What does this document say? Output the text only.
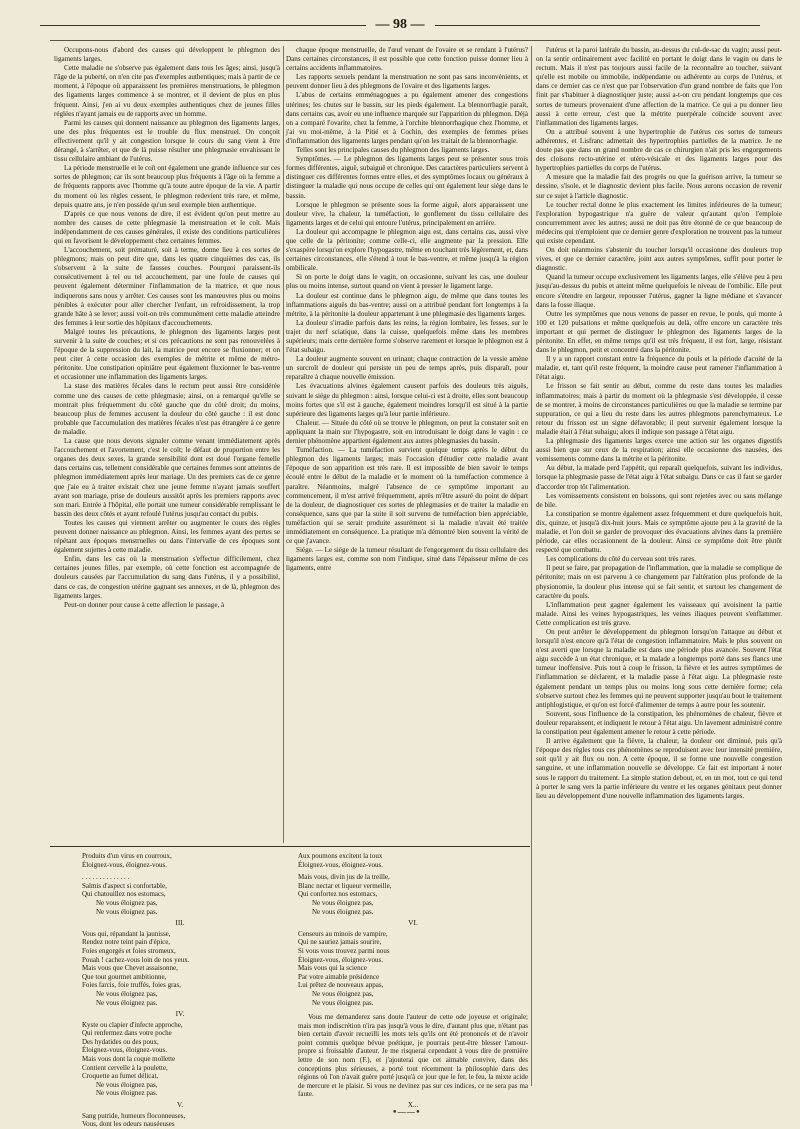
— 98 —

Occupons-nous d'abord des causes qui développent le phlegmon des ligaments larges.

Cette maladie ne s'observe pas également dans tous les âges; ainsi, jusqu'à l'âge de la puberté, on n'en cite pas d'exemples authentiques; mais à partir de ce moment, à l'époque où apparaissent les premières menstruations, le phlegmon des ligaments larges commence à se montrer, et il devient de plus en plus fréquent. Ainsi, j'en ai vu deux exemples authentiques chez de jeunes filles réglées n'ayant jamais eu de rapports avec un homme.

Parmi les causes qui donnent naissance au phlegmon des ligaments larges, une des plus fréquentes est le trouble du flux menstruel. On conçoit effectivement qu'il y ait congestion lorsque le cours du sang vient à être dérangé, à s'arrêter, et que de là puisse résulter une phlegmasie envahissant le tissu cellulaire ambiant de l'utérus.

La période menstruelle et le coït ont également une grande influence sur ces sortes de phlegmon; car ils sont beaucoup plus fréquents à l'âge où la femme a de fréquents rapports avec l'homme qu'à toute autre époque de la vie. A partir du moment où les règles cessent, le phlegmon redevient très rare, et même, depuis quatre ans, je n'en possède qu'un seul exemple bien authentique.

D'après ce que nous venons de dire, il est évident qu'on peut mettre au nombre des causes de cette phlegmasie la menstruation et le coït. Mais indépendamment de ces causes générales, il existe des conditions particulières qui en favorisent le développement chez certaines femmes.

L'accouchement, soit prématuré, soit à terme, donne lieu à ces sortes de phlegmons; mais on peut dire que, dans les quatre cinquièmes des cas, ils s'observent à la suite de fausses couches. Pourquoi paraissent-ils consécutivement à tel ou tel accouchement, par une foule de causes qui peuvent également déterminer l'inflammation de la matrice, et que nous indiquerons sans nous y arrêter. Ces causes sont les manœuvres plus ou moins pénibles à exécuter pour aller chercher l'enfant, un refroidissement, la trop grande hâte à se lever; aussi voit-on très communément cette maladie atteindre des femmes à leur sortie des hôpitaux d'accouchements.

Malgré toutes les précautions, le phlegmon des ligaments larges peut survenir à la suite de couches; et si ces précautions ne sont pas renouvelées à l'époque de la suppression du lait, la matrice peut encore se fluxionner; et on peut citer à cette occasion des exemples de métrite et même de métro-péritonite. Une constipation opiniâtre peut également fluxionner le bas-ventre et occasionner une inflammation des ligaments larges.

La stase des matières fécales dans le rectum peut aussi être considérée comme une des causes de cette phlegmasie; ainsi, on a remarqué qu'elle se montrait plus fréquemment du côté gauche que du côté droit; du moins, beaucoup plus de femmes accusent la douleur du côté gauche : il est donc probable que l'accumulation des matières fécales n'est pas étrangère à ce genre de maladie.

La cause que nous devons signaler comme venant immédiatement après l'accouchement et l'avortement, c'est le coït; le défaut de proportion entre les organes des deux sexes, la grande sensibilité dont est doué l'organe femelle dans certains cas, tellement considérable que certaines femmes sont atteintes de phlegmon immédiatement après leur mariage. Un des premiers cas de ce genre que j'aie eu à traiter existait chez une jeune femme n'ayant jamais souffert avant son mariage, prise de douleurs aussitôt après les premiers rapports avec son mari. Entrée à l'hôpital, elle portait une tumeur considérable remplissant le bassin des deux côtés et ayant refoulé l'utérus jusqu'au contact du pubis.

Toutes les causes qui viennent arrêter ou augmenter le cours des règles peuvent donner naissance au phlegmon. Ainsi, les femmes ayant des pertes se répétant aux époques menstruelles ou dans l'intervalle de ces époques sont également sujettes à cette maladie.

Enfin, dans les cas où la menstruation s'effectue difficilement, chez certaines jeunes filles, par exemple, où cette fonction est accompagnée de douleurs causées par l'accumulation du sang dans l'utérus, il y a possibilité, dans ce cas, de congestion utérine gagnant ses annexes, et de là, phlegmon des ligaments larges.

Peut-on donner pour cause à cette affection le passage, à

chaque époque menstruelle, de l'œuf venant de l'ovaire et se rendant à l'utérus? Dans certaines circonstances, il est possible que cette fonction puisse donner lieu à certains accidents inflammatoires.

Les rapports sexuels pendant la menstruation ne sont pas sans inconvénients, et peuvent donner lieu à des phlegmons de l'ovaire et des ligaments larges.

L'abus de certains emménagogues a pu également amener des congestions utérines; les chutes sur le bassin, sur les pieds également. La blennorrhagie paraît, dans certains cas, avoir eu une influence marquée sur l'apparition du phlegmon. Déjà on a comparé l'ovarite, chez la femme, à l'orchite blennorrhagique chez l'homme, et j'ai vu moi-même, à la Pitié et à Cochin, des exemples de femmes prises d'inflammation des ligaments larges pendant qu'on les traitait de la blennorrhagie.

Telles sont les principales causes du phlegmon des ligaments larges.

Symptômes. — Le phlegmon des ligaments larges peut se présenter sous trois formes différentes, aiguë, subaiguë et chronique. Des caractères particuliers servent à distinguer ces différentes formes entre elles, et des symptômes locaux ou généraux à distinguer la maladie qui nous occupe de celles qui ont également leur siége dans le bassin.

Lorsque le phlegmon se présente sous la forme aiguë, alors apparaissent une douleur vive, la chaleur, la tuméfaction, le gonflement du tissu cellulaire des ligaments larges et de celui qui entoure l'utérus, principalement en arrière.

La douleur qui accompagne le phlegmon aigu est, dans certains cas, aussi vive que celle de la péritonite; comme celle-ci, elle augmente par la pression. Elle s'exaspère lorsqu'on explore l'hypogastre, même en touchant très légèrement, et, dans certaines circonstances, elle s'étend à tout le bas-ventre, et même jusqu'à la région ombilicale.

Si on porte le doigt dans le vagin, on occasionne, suivant les cas, une douleur plus ou moins intense, surtout quand on vient à presser le ligament large.

La douleur est continue dans le phlegmon aigu, de même que dans toutes les inflammations aiguës du bas-ventre; aussi on a attribué pendant fort longtemps à la métrite, à la péritonite la douleur appartenant à une phlegmasie des ligaments larges.

La douleur s'irradie parfois dans les reins, la région lombaire, les fesses, sur le trajet du nerf sciatique, dans la cuisse, quelquefois même dans les membres supérieurs; mais cette dernière forme s'observe rarement et lorsque le phlegmon est à l'état subaigu.

La douleur augmente souvent en urinant; chaque contraction de la vessie amène un surcroît de douleur qui persiste un peu de temps après, puis disparaît, pour reparaître à chaque nouvelle émission.

Les évacuations alvines également causent parfois des douleurs très aiguës, suivant le siége du phlegmon : ainsi, lorsque celui-ci est à droite, elles sont beaucoup moins fortes que s'il est à gauche, également moindres lorsqu'il est situé à la partie supérieure des ligaments larges qu'à leur partie inférieure.

Chaleur. — Située du côté où se trouve le phlegmon, on peut la constater soit en appliquant la main sur l'hypogastre, soit en introduisant le doigt dans le vagin : ce dernier phénomène appartient également aux autres phlegmasies du bassin.

Tuméfaction. — La tuméfaction survient quelque temps après le début du phlegmon des ligaments larges; mais l'occasion d'étudier cette maladie avant l'époque de son apparition est très rare. Il est impossible de bien savoir le temps écoulé entre le début de la maladie et le moment où la tuméfaction commence à paraître. Néanmoins, malgré l'absence de ce symptôme important au commencement, il m'est arrivé fréquemment, après m'être assuré du point de départ de la douleur, de diagnostiquer ces sortes de phlegmasies et de traiter la maladie en conséquence, sans que par la suite il soit survenu de tuméfaction bien appréciable, tuméfaction qui se serait produite assurément si la maladie n'avait été traitée immédiatement en conséquence. La pratique m'a démontré bien souvent la vérité de ce que j'avance.

Siége. — Le siége de la tumeur résultant de l'engorgement du tissu cellulaire des ligaments larges est, comme son nom l'indique, situé dans l'épaisseur même de ces ligaments, entre

l'utérus et la paroi latérale du bassin, au-dessus du cul-de-sac du vagin; aussi peut-on la sentir ordinairement avec facilité en portant le doigt dans le vagin ou dans le rectum. Mais il n'est pas toujours aussi facile de la reconnaître au toucher, suivant qu'elle est mobile ou immobile, indépendante ou adhérente au corps de l'utérus, et dans ce dernier cas ce n'est que par l'observation d'un grand nombre de faits que l'on finit par s'habituer à diagnostiquer juste; aussi a-t-on cru pendant longtemps que ces sortes de tumeurs provenaient d'une affection de la matrice. Ce qui a pu donner lieu aussi à cette erreur, c'est que la métrite puerpérale coïncide souvent avec l'inflammation des ligaments larges.

On a attribué souvent à une hypertrophie de l'utérus ces sortes de tumeurs adhérentes, et Lisfranc admettait des hypertrophies partielles de la matrice. Je ne doute pas que dans un grand nombre de cas ce chirurgien n'ait pris les engorgements des cloisons recto-utérine et utéro-vésicale et des ligaments larges pour des hypertrophies partielles du corps de l'utérus.

A mesure que la maladie fait des progrès ou que la guérison arrive, la tumeur se dessine, s'isole, et le diagnostic devient plus facile. Nous aurons occasion de revenir sur ce sujet à l'article diagnostic.

Le toucher rectal donne le plus exactement les limites inférieures de la tumeur; l'exploration hypogastrique n'a guère de valeur qu'autant qu'on l'emploie concurremment avec les autres; aussi ne doit pas être étonné de ce que beaucoup de médecins qui n'emploient que ce dernier genre d'exploration ne trouvent pas la tumeur qui existe cependant.

On doit néanmoins s'abstenir du toucher lorsqu'il occasionne des douleurs trop vives, et que ce dernier caractère, joint aux autres symptômes, suffit pour porter le diagnostic.

Quand la tumeur occupe exclusivement les ligaments larges, elle s'élève peu à peu jusqu'au-dessus du pubis et atteint même quelquefois le niveau de l'ombilic. Elle peut encore s'étendre en largeur, repousser l'utérus, gagner la ligne médiane et s'avancer dans la fosse iliaque.

Outre les symptômes que nous venons de passer en revue, le pouls, qui monte à 100 et 120 pulsations et même quelquefois au delà, offre encore un caractère très important et qui permet de distinguer le phlegmon des ligaments larges de la péritonite. En effet, en même temps qu'il est très fréquent, il est fort, large, résistant dans le phlegmon, petit et concentré dans la péritonite.

Il y a un rapport constant entre la fréquence du pouls et la période d'acuité de la maladie, et, tant qu'il reste fréquent, la moindre cause peut ramener l'inflammation à l'état aigu.

Le frisson se fait sentir au début, comme du reste dans toutes les maladies inflammatoires; mais à partir du moment où la phlegmasie s'est développée, il cesse de se montrer, à moins de circonstances particulières ou que la maladie se termine par suppuration, ce qui a lieu du reste dans les autres phlegmons parenchymateux. Le retour du frisson est un signe défavorable; il peut survenir également lorsque la maladie était à l'état subaigu; alors il indique son passage à l'état aigu.

La phlegmasie des ligaments larges exerce une action sur les organes digestifs aussi bien que sur ceux de la respiration; ainsi elle occasionne des nausées, des vomissements comme dans la métrite et la péritonite.

Au début, la malade perd l'appétit, qui reparaît quelquefois, suivant les individus, lorsque la phlegmasie passe de l'état aigu à l'état subaigu. Dans ce cas il faut se garder d'accorder trop tôt l'alimentation.

Les vomissements consistent en boissons, qui sont rejetées avec ou sans mélange de bile.

La constipation se montre également assez fréquemment et dure quelquefois huit, dix, quinze, et jusqu'à dix-huit jours. Mais ce symptôme ajoute peu à la gravité de la maladie, et l'on doit se garder de provoquer des évacuations alvines dans la première période, car elles occasionnent de la douleur. Ainsi ce symptôme doit être plutôt respecté que combattu.

Les complications du côté du cerveau sont très rares.

Il peut se faire, par propagation de l'inflammation, que la maladie se complique de péritonite; mais on est parvenu à ce changement par l'altération plus profonde de la physionomie, la douleur plus intense qui se fait sentir, et surtout les changement de caractère du pouls.

L'inflammation peut gagner également les vaisseaux qui avoisinent la partie malade. Ainsi les veines hypogastriques, les veines iliaques peuvent s'enflammer. Cette complication est très grave.

On peut arrêter le développement du phlegmon lorsqu'on l'attaque au début et lorsqu'il n'est encore qu'à l'état de congestion inflammatoire. Mais le plus souvent on n'est averti que lorsque la maladie est dans une période plus avancée. Souvent l'état aigu succède à un état chronique, et la malade a longtemps porté dans ses flancs une tumeur inoffensive. Puis tout à coup le frisson, la fièvre et les autres symptômes de l'inflammation se déclarent, et la maladie passe à l'état aigu. La phlegmasie reste également pendant un temps plus ou moins long sous cette dernière forme; cela s'observe surtout chez les femmes qui ne peuvent supporter jusqu'au bout le traitement antiphlogistique, et qu'on est forcé d'alimenter de temps à autre pour les soutenir.

Souvent, sous l'influence de la constipation, les phénomènes de chaleur, fièvre et douleur reparaissent, et indiquent le retour à l'état aigu. Un lavement administré contre la constipation peut également amener le retour à cette période.

Il arrive également que la fièvre, la chaleur, la douleur ont diminué, puis qu'à l'époque des règles tous ces phénomènes se reproduisent avec leur intensité première, soit qu'il y ait flux ou non. A cette époque, il se forme une nouvelle congestion sanguine, et une inflammation nouvelle se développe. Ce fait est important à noter sous le rapport du traitement. La simple station debout, et, en un mot, tout ce qui tend à porter le sang vers la partie inférieure du ventre et les organes génitaux peut donner lieu au développement d'une nouvelle inflammation des ligaments larges.

Produits d'un virus en courroux,
Éloignez-vous, éloignez-vous.
. . . . . . . . . . . . . .
Salmis d'aspect si confortable,
Qui chatouillez nos estomacs,
Ne vous éloignez pas,
Ne vous éloignez pas.
III.
Vous qui, répandant la jaunisse,
Rendez notre teint pain d'épice,
Foies engorgés et foies stromeux,
Pouah ! cachez-vous loin de nos yeux.
Mais vous que Chevet assaisonne,
Que tout gourmet ambitionne,
Foies farcis, foie truffés, foies gras,
Ne vous éloignez pas,
Ne vous éloignez pas.
IV.
Kyste ou clapier d'infecte approche,
Qui renfermez dans votre poche
Des hydatides ou des poux,
Éloignez-vous, éloignez-vous.
Mais vous dont la coque mollette
Contient cervelle à la poulette,
Croquette au fumet délicat,
Ne vous éloignez pas,
Ne vous éloignez pas.
V.
Sang putride, humeurs floconneuses,
Vous, dont les odeurs nauséeuses
Aux poumons excitent la toux
Éloignez-vous, éloignez-vous.
Mais vous, divin jus de la treille,
Blanc nectar et liqueur vermeille,
Qui confortez nos estomacs,
Ne vous éloignez pas,
Ne vous éloignez pas.
VI.
Censeurs au minois de vampire,
Qui ne sauriez jamais sourire,
Si vous vous trouvez parmi nous
Éloignez-vous, éloignez-vous.
Mais vous qui la science
Par votre aimable présidence
Lui prêtez de nouveaux appas,
Ne vous éloignez pas,
Ne vous éloignez pas.
Vous me demanderez sans doute l'auteur de cette ode joyeuse et originale; mais mon indiscrétion n'ira pas jusqu'à vous le dire, d'autant plus que, n'étant pas bien certain d'avoir recueilli les mots tels qu'ils ont été prononcés et de n'avoir point commis quelque bévue poétique, je pourrais peut-être blesser l'amour-propre si froissable d'auteur. Je me risquerai cependant à vous dire de première lettre de son nom (F.), et j'ajouterai que cet aimable convive, dans des conceptions plus sérieuses, a porté tout récemment la philosophie dans des régions où l'on n'avait guère porté jusqu'à ce jour que le fer, le feu, la mixte acide de mercure et le plaisir. Si vous ne devinez pas sur ces indices, ce ne sera pas ma faute.
X...
•——•
